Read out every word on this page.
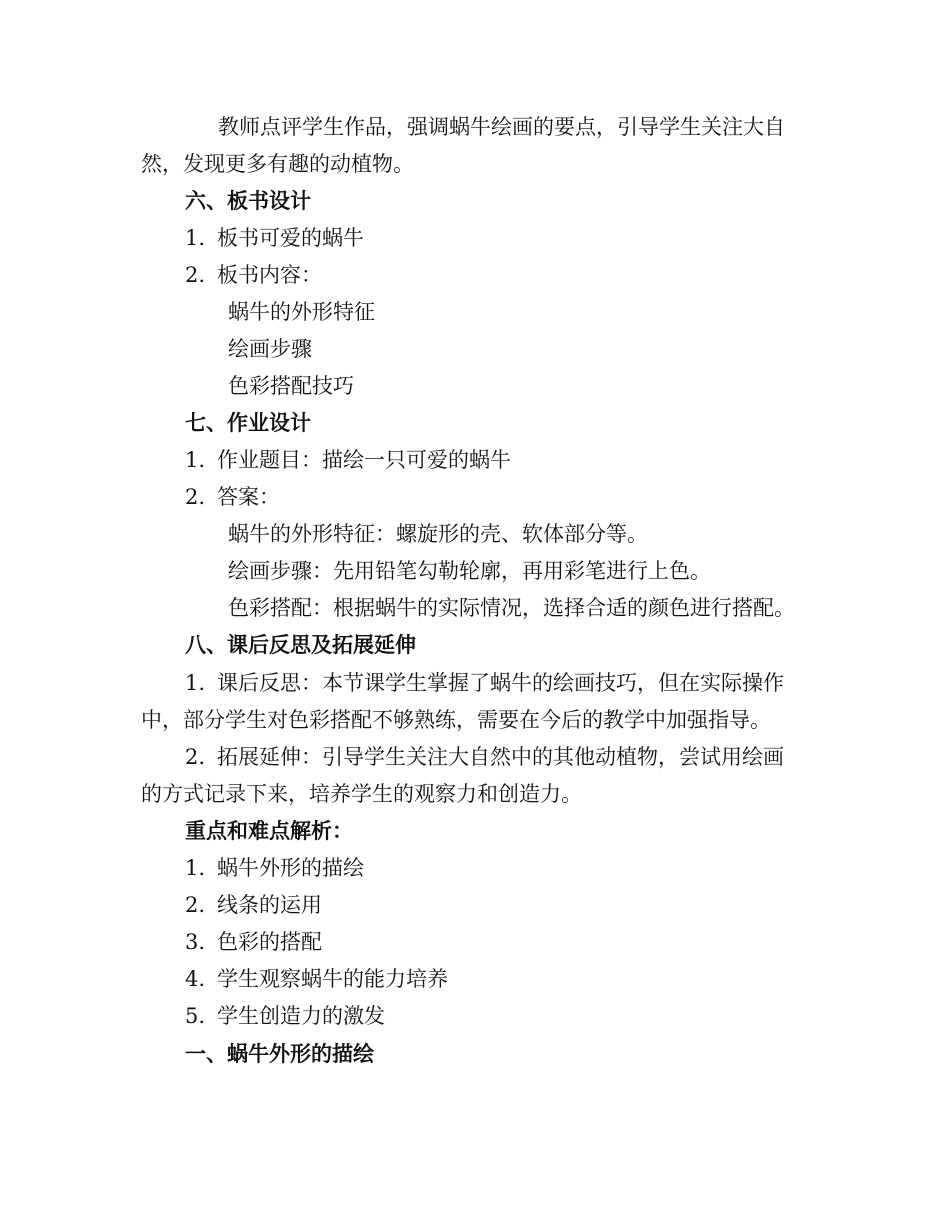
教师点评学生作品，强调蜗牛绘画的要点，引导学生关注大自
然，发现更多有趣的动植物。
六、板书设计
1. 板书可爱的蜗牛
2. 板书内容：
蜗牛的外形特征
绘画步骤
色彩搭配技巧
七、作业设计
1. 作业题目：描绘一只可爱的蜗牛
2. 答案：
蜗牛的外形特征：螺旋形的壳、软体部分等。
绘画步骤：先用铅笔勾勒轮廓，再用彩笔进行上色。
色彩搭配：根据蜗牛的实际情况，选择合适的颜色进行搭配。
八、课后反思及拓展延伸
1. 课后反思：本节课学生掌握了蜗牛的绘画技巧，但在实际操作
中，部分学生对色彩搭配不够熟练，需要在今后的教学中加强指导。
2. 拓展延伸：引导学生关注大自然中的其他动植物，尝试用绘画
的方式记录下来，培养学生的观察力和创造力。
重点和难点解析：
1. 蜗牛外形的描绘
2. 线条的运用
3. 色彩的搭配
4. 学生观察蜗牛的能力培养
5. 学生创造力的激发
一、蜗牛外形的描绘
